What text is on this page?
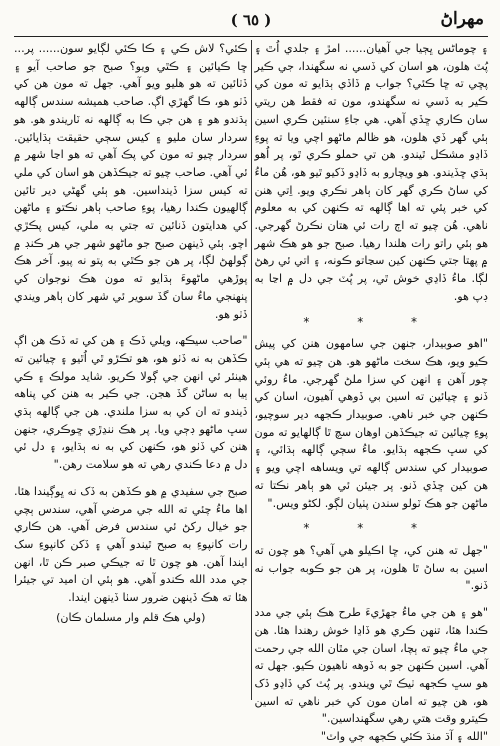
( ٦٥ )	مهراڻ

۽ چوماڻس ڀڄيا جي آهيان...... امڙ ۽ جلدي اُٿ ۽ پُٽ هلون، هو اسان کي ڏسي نه سگهندا، جي ڪير پڇي ته ڇا ڪئي؟ جواب ۾ ڏاڏي ٻڌايو ته مون کي ڪير به ڏسي نه سگهندو، مون ته فقط هن ريتي سان ڪاري ڇڏي آهي. هي جاءِ سنئين ڪري اسين ٻئي گهر ڏي هلون، هو ظالم ماڻهو اچي ويا ته پوءِ ڏاڍو مشڪل ٿيندو. هن تي حملو ڪري ٿو، پر اُهو ٻڌي ڇڏيندو. هو ويچارو به ڏاڍو ڏکيو ٿيو هو، هُن ماءُ کي ساڻ ڪري گهر کان ٻاهر نڪري ويو. اِتي هنن کي خبر پئي ته اها ڳالهه ته ڪنهن کي به معلوم ناهي. هُن چيو ته اڄ رات ئي هتان نڪرڻ گهرجي. هو ٻئي راتو رات هلندا رهيا. صبح جو هو هڪ شهر ۾ پهتا جتي ڪنهن کين سڃاتو ڪونه، ۽ اتي ئي رهڻ لڳا. ماءُ ڏاڍي خوش ٿي، پر پُٽ جي دل ۾ اڃا به ڊپ هو.

* * *

"اهو صوبيدار، جنهن جي سامهون هنن کي پيش ڪيو ويو، هڪ سخت ماڻهو هو. هن چيو ته هي ٻئي چور آهن ۽ انهن کي سزا ملڻ گهرجي. ماءُ روئي ڏنو ۽ چيائين ته اسين بي ڏوهي آهيون، اسان کي ڪنهن جي خبر ناهي. صوبيدار ڪجهه دير سوچيو، پوءِ چيائين ته جيڪڏهن اوهان سچ ٿا ڳالهايو ته مون کي سڀ ڪجهه ٻڌايو. ماءُ سڄي ڳالهه ٻڌائي، ۽ صوبيدار کي سندس ڳالهه تي ويساهه اچي ويو ۽ هن کين ڇڏي ڏنو. پر جيئن ئي هو ٻاهر نڪتا ته ماڻهن جو هڪ ٽولو سندن پٺيان لڳو. لکڻو ويس."

* * *

"جهل ته هنن کي، ڇا اڪيلو هي آهي؟ هو چون ته اسين به ساڻ ٿا هلون، پر هن جو ڪوبه جواب نه ڏنو."

"هو ۽ هن جي ماءُ جهڙيءَ طرح هڪ ٻئي جي مدد ڪندا هئا، تنهن ڪري هو ڏاڍا خوش رهندا هئا. هن جي ماءُ چيو ته ٻچا، اسان جي مٿان الله جي رحمت آهي. اسين ڪنهن جو به ڏوهه ناهيون ڪيو. جهل ته هو سڀ ڪجهه ٺيڪ ٿي ويندو. پر پُٽ کي ڏاڍو ڏک هو، هن چيو ته امان مون کي خبر ناهي ته اسين ڪيترو وقت هتي رهي سگهنداسين."

"الله ۽ آڌ منڌ ڪئي ڪجهه جي واٽ"

ڪئي؟ لاش ڪي ۽ ڪا ڪئي لڳايو سون...... پر... ڇا ڪيائين ۽ ڪٿي ويو؟ صبح جو صاحب آيو ۽ ڏٺائين ته هو هليو ويو آهي. جهل ته مون هن کي ڏٺو هو، ڪا گهڙي اڳ. صاحب هميشه سندس ڳالهه ٻڌندو هو ۽ هن جي ڪا به ڳالهه نه ٽاريندو هو. هو سردار سان مليو ۽ کيس سڄي حقيقت ٻڌايائين. سردار چيو ته مون کي پڪ آهي ته هو اڃا شهر ۾ ئي آهي. صاحب چيو ته جيڪڏهن هو اسان کي ملي ته کيس سزا ڏينداسين. هو ٻئي گهڻي دير تائين ڳالهيون ڪندا رهيا، پوءِ صاحب ٻاهر نڪتو ۽ ماڻهن کي هدايتون ڏنائين ته جتي به ملي، کيس پڪڙي اچو. ٻئي ڏينهن صبح جو ماڻهو شهر جي هر ڪنڊ ۾ ڳولهڻ لڳا، پر هن جو ڪٿي به پتو نه پيو. آخر هڪ پوڙهي ماڻهوءَ ٻڌايو ته مون هڪ نوجوان کي پنهنجي ماءُ سان گڏ سوير ئي شهر کان ٻاهر ويندي ڏٺو هو.

"صاحب سيڪھ، ويلي ڏڪ ۽ هن کي ته ڏڪ هن اڳ ڪڏهن به نه ڏٺو هو، هو تڪڙو ٿي اُٿيو ۽ چيائين ته هينئر ئي انهن جي ڳولا ڪريو. شايد مولڪ ۽ ڪي ٻيا به ساڻن گڏ هجن. جي ڪير به هنن کي پناهه ڏيندو ته ان کي به سزا ملندي. هن جي ڳالهه ٻڌي سڀ ماڻهو ڊڄي ويا. پر هڪ ننڍڙي ڇوڪري، جنهن هنن کي ڏٺو هو، ڪنهن کي به نه ٻڌايو، ۽ دل ئي دل ۾ دعا ڪندي رهي ته هو سلامت رهن."

صبح جي سفيدي ۾ هو ڪڏهن به ڏک نه ڀوڳيندا هئا. اها ماءُ چئي ته الله جي مرضي آهي، سندس ٻچي جو خيال رکڻ ئي سندس فرض آهي. هن ڪاري رات کانپوءِ به صبح ٿيندو آهي ۽ ڏکن کانپوءِ سک ايندا آهن. هو چون ٿا ته جيڪي صبر ڪن ٿا، انهن جي مدد الله ڪندو آهي. هو ٻئي ان اميد تي جيئرا هئا ته هڪ ڏينهن ضرور سٺا ڏينهن ايندا.

(ولي هڪ قلم وار مسلمان ڪان)
